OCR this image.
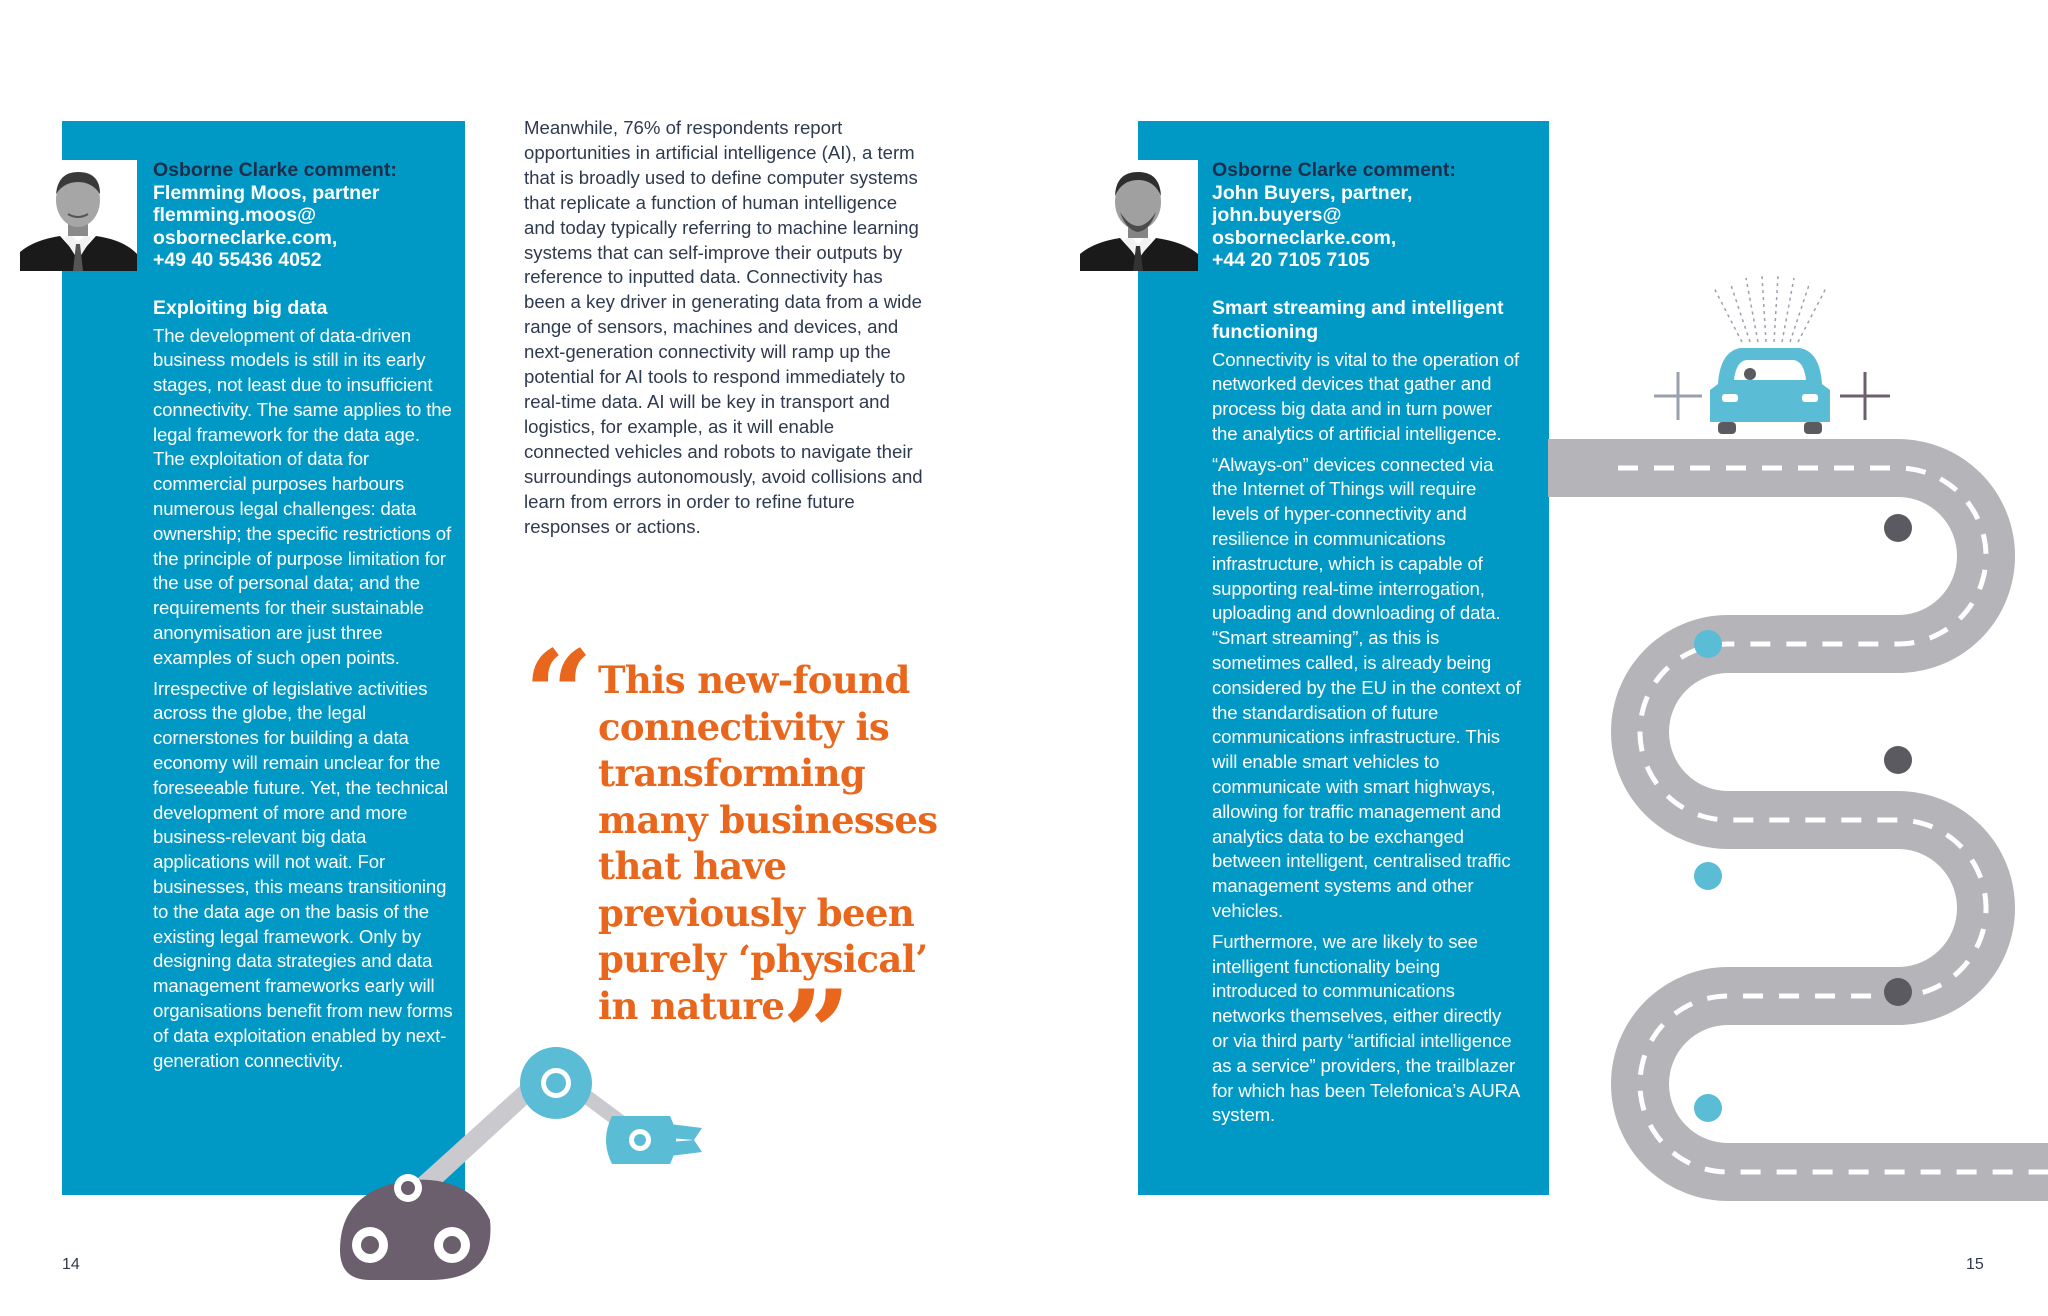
Osborne Clarke comment:
Flemming Moos, partner
flemming.moos@
osborneclarke.com,
+49 40 55436 4052
Exploiting big data

The development of data-driven business models is still in its early stages, not least due to insufficient connectivity. The same applies to the legal framework for the data age. The exploitation of data for commercial purposes harbours numerous legal challenges: data ownership; the specific restrictions of the principle of purpose limitation for the use of personal data; and the requirements for their sustainable anonymisation are just three examples of such open points.

Irrespective of legislative activities across the globe, the legal cornerstones for building a data economy will remain unclear for the foreseeable future. Yet, the technical development of more and more business-relevant big data applications will not wait. For businesses, this means transitioning to the data age on the basis of the existing legal framework. Only by designing data strategies and data management frameworks early will organisations benefit from new forms of data exploitation enabled by next-generation connectivity.

Meanwhile, 76% of respondents report opportunities in artificial intelligence (AI), a term that is broadly used to define computer systems that replicate a function of human intelligence and today typically referring to machine learning systems that can self-improve their outputs by reference to inputted data. Connectivity has been a key driver in generating data from a wide range of sensors, machines and devices, and next-generation connectivity will ramp up the potential for AI tools to respond immediately to real-time data. AI will be key in transport and logistics, for example, as it will enable connected vehicles and robots to navigate their surroundings autonomously, avoid collisions and learn from errors in order to refine future responses or actions.
“ This new-found connectivity is transforming many businesses that have previously been purely ‘physical’ in nature
”
Osborne Clarke comment:
John Buyers, partner,
john.buyers@
osborneclarke.com,
+44 20 7105 7105
Smart streaming and intelligent functioning

Connectivity is vital to the operation of networked devices that gather and process big data and in turn power the analytics of artificial intelligence.

“Always-on” devices connected via the Internet of Things will require levels of hyper-connectivity and resilience in communications infrastructure, which is capable of supporting real-time interrogation, uploading and downloading of data. “Smart streaming”, as this is sometimes called, is already being considered by the EU in the context of the standardisation of future communications infrastructure. This will enable smart vehicles to communicate with smart highways, allowing for traffic management and analytics data to be exchanged between intelligent, centralised traffic management systems and other vehicles.

Furthermore, we are likely to see intelligent functionality being introduced to communications networks themselves, either directly or via third party “artificial intelligence as a service” providers, the trailblazer for which has been Telefonica’s AURA system.

14	15
